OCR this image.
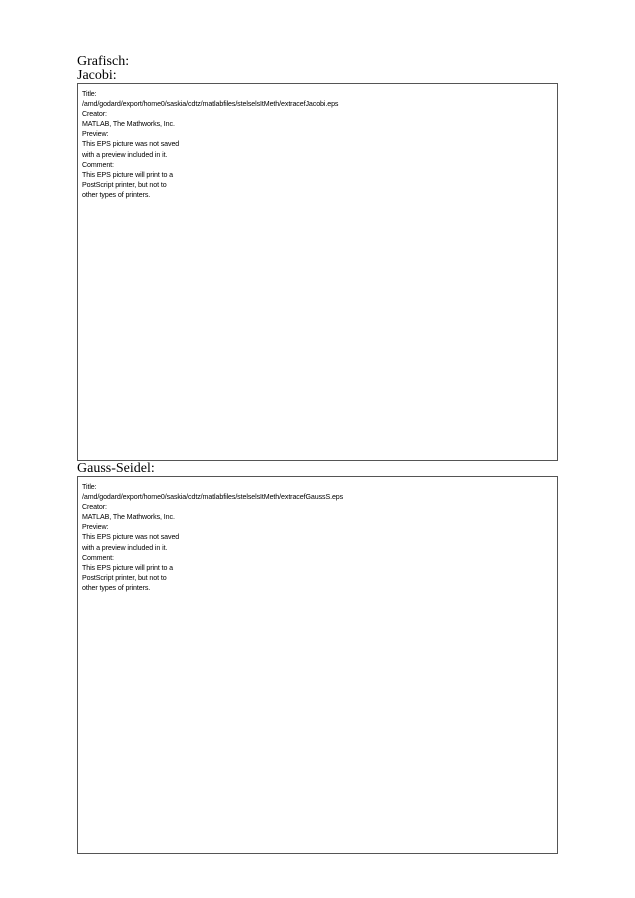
Grafisch:
Jacobi:
Title:
/amd/godard/export/home0/saskia/cdtz/matlabfiles/stelselsItMeth/extracefJacobi.eps
Creator:
MATLAB, The Mathworks, Inc.
Preview:
This EPS picture was not saved
with a preview included in it.
Comment:
This EPS picture will print to a
PostScript printer, but not to
other types of printers.
Gauss-Seidel:
Title:
/amd/godard/export/home0/saskia/cdtz/matlabfiles/stelselsItMeth/extracefGaussS.eps
Creator:
MATLAB, The Mathworks, Inc.
Preview:
This EPS picture was not saved
with a preview included in it.
Comment:
This EPS picture will print to a
PostScript printer, but not to
other types of printers.
